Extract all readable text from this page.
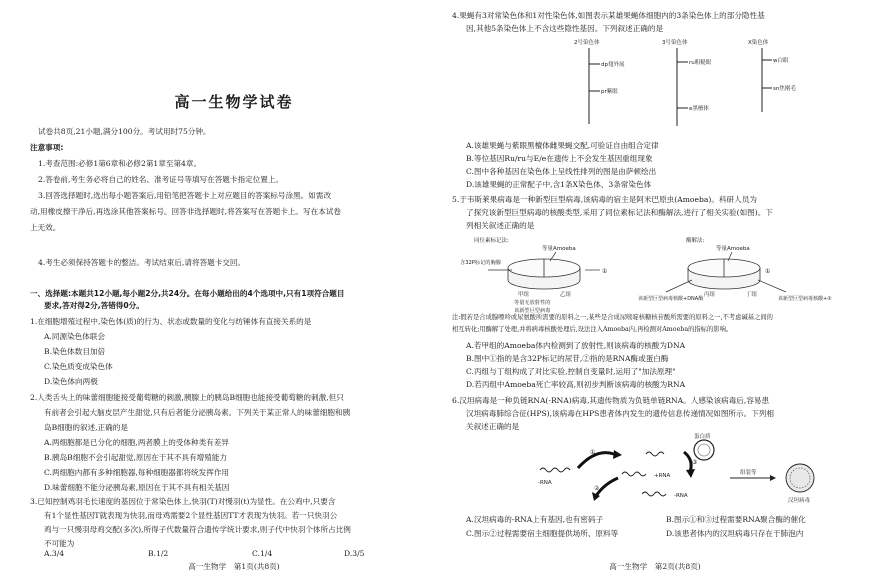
高一生物学试卷
试卷共8页,21小题,满分100分。考试用时75分钟。
注意事项:
1.考查范围:必修1第6章和必修2第1章至第4章。
2.答卷前,考生务必将自己的姓名、准考证号等填写在答题卡指定位置上。
3.回答选择题时,选出每小题答案后,用铅笔把答题卡上对应题目的答案标号涂黑。如需改
动,用橡皮擦干净后,再选涂其他答案标号。回答非选择题时,将答案写在答题卡上。写在本试卷
上无效。
4.考生必须保持答题卡的整洁。考试结束后,请将答题卡交回。
一、选择题:本题共12小题,每小题2分,共24分。在每小题给出的4个选项中,只有1项符合题目
要求,答对得2分,答错得0分。
1.在细胞增殖过程中,染色体(质)的行为、状态或数量的变化与纺锤体有直接关系的是
A.同源染色体联会
B.染色体数目加倍
C.染色质变成染色体
D.染色体向两极
2.人类舌头上的味蕾细胞能接受葡萄糖的刺激,胰腺上的胰岛B细胞也能接受葡萄糖的刺激,但只
有前者会引起大脑皮层产生甜觉,只有后者能分泌胰岛素。下列关于某正常人的味蕾细胞和胰
岛B细胞的叙述,正确的是
A.两细胞都是已分化的细胞,两者膜上的受体种类有差异
B.胰岛B细胞不会引起甜觉,原因在于其不具有增殖能力
C.两细胞内都有多种细胞器,每种细胞器都将统发挥作用
D.味蕾细胞不能分泌胰岛素,原因在于其不具有相关基因
3.已知控制鸡羽毛长速度的基因位于常染色体上,快羽(T)对慢羽(t)为显性。在公鸡中,只要含
有1个显性基因T就表现为快羽,而母鸡需要2个显性基因TT才表现为快羽。若一只快羽公
鸡与一只慢羽母鸡交配(多次),所得子代数量符合遗传学统计要求,则子代中快羽个体所占比例
不可能为
A.3/4	B.1/2	C.1/4	D.3/5
高一生物学　第1页(共8页)
4.果蝇有3对常染色体和1对性染色体,如图表示某雄果蝇体细胞内的3条染色体上的部分隐性基
因,其他5条染色体上不含这些隐性基因。下列叙述正确的是
2号染色体	3号染色体	X染色体
dp翅外展
pr紫眼
ru粗糙眼
e黑檀体
w白眼
sn焦刚毛
A.该雄果蝇与紫眼黑檀体雌果蝇交配,可验证自由组合定律
B.等位基因Ru/ru与E/e在遗传上不会发生基因重组现象
C.图中各种基因在染色体上呈线性排列的图是由萨顿绘出
D.该雄果蝇的正常配子中,含1条X染色体、3条常染色体
5.于韦斯莱果病毒是一种新型巨型病毒,该病毒的宿主是阿米巴原虫(Amoeba)。科研人员为
了探究该新型巨型病毒的核酸类型,采用了同位素标记法和酶解法,进行了相关实验(如图)。下
列相关叙述正确的是
同位素标记法:	酶解法:
等量Amoeba	等量Amoeba
含32P标记的胸腺
①
甲组	乙组
等量无放射性的
该新型巨型病毒
丙组	丁组
该新型巨型病毒核酸+DNA酶	该新型巨型病毒核酸+②
①
注:假若是合成腺嘌呤或尿氨酸所需要的原料之一,某些是合成尿嘧啶核糖核苷酸所需要的原料之一,不考虑碱基之间的
相互转化;用酶解了处理,并将病毒核酸处理后,设法注入Amoeba内,再检测对Amoeba的指标的影响。
A.若甲组的Amoeba体内检测到了放射性,则该病毒的核酸为DNA
B.图中①指的是含32P标记的尿苷,②指的是RNA酶或蛋白酶
C.丙组与丁组构成了对比实验,控制自变量时,运用了"加法原理"
D.若丙组中Amoeba死亡率较高,则初步判断该病毒的核酸为RNA
6.汉坦病毒是一种负链RNA(-RNA)病毒,其遗传物质为负链单链RNA。人感染该病毒后,容易患
汉坦病毒肺综合征(HPS),该病毒在HPS患者体内发生的遗传信息传递情况如图所示。下列相
关叙述正确的是
-RNA
+RNA
-RNA
蛋白质
组装等
汉坦病毒
①
②
③
A.汉坦病毒的-RNA上有基因,也有密码子	B.图示①和③过程需要RNA聚合酶的催化
C.图示②过程需要宿主细胞提供场所、原料等	D.该患者体内的汉坦病毒只存在于肺泡内
高一生物学　第2页(共8页)
